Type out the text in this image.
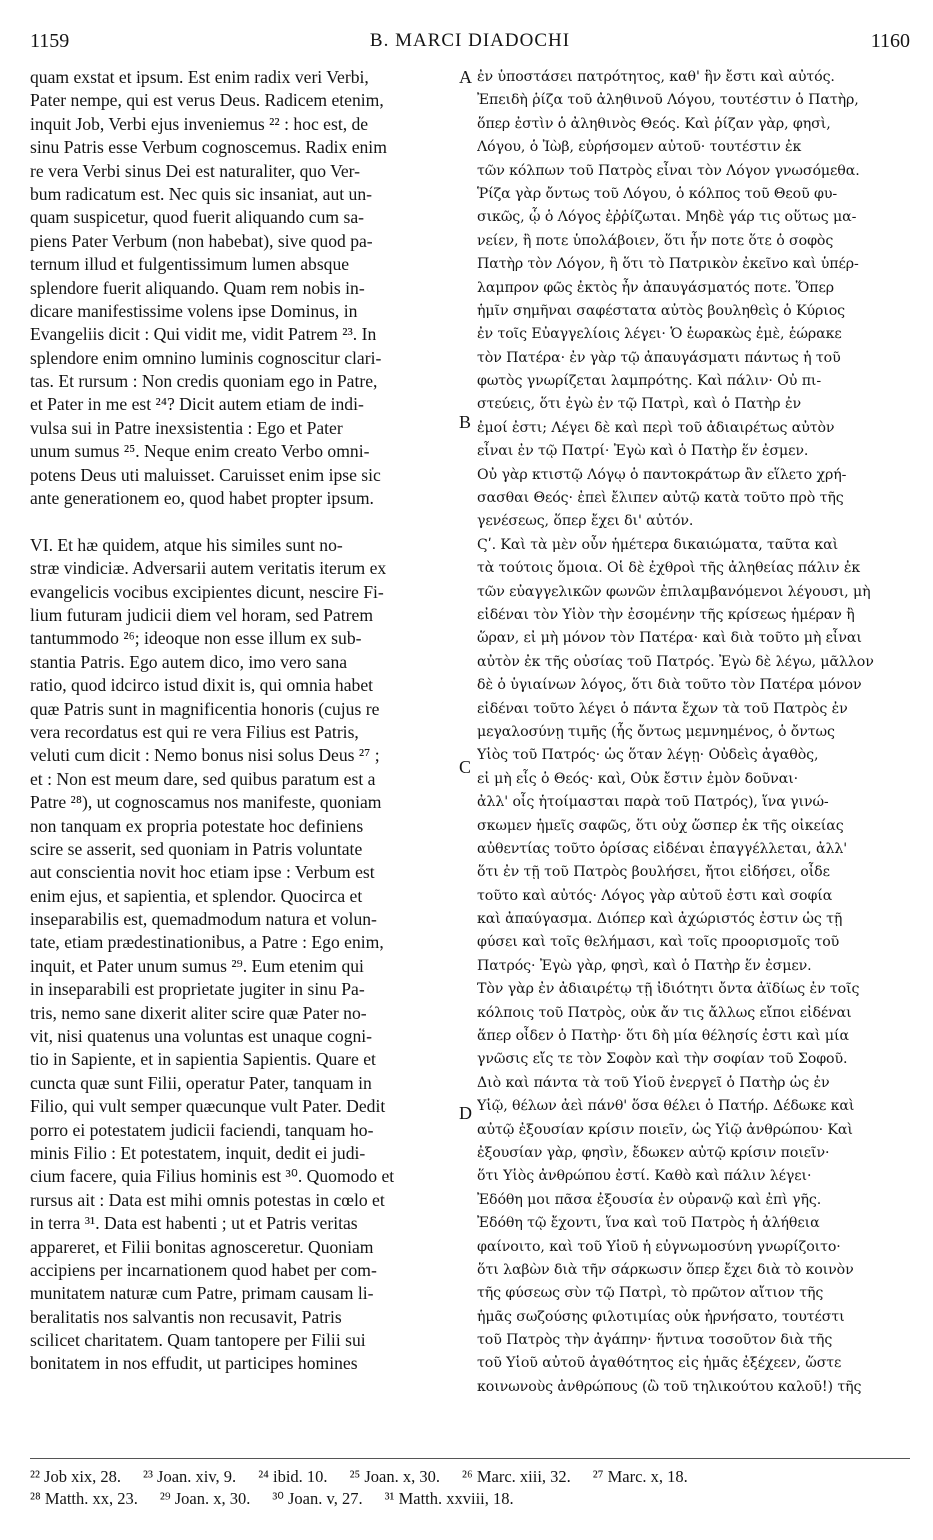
1159	B. MARCI DIADOCHI	1160
quam exstat et ipsum. Est enim radix veri Verbi,
Pater nempe, qui est verus Deus. Radicem etenim,
inquit Job, Verbi ejus inveniemus ²² : hoc est, de
sinu Patris esse Verbum cognoscemus. Radix enim
re vera Verbi sinus Dei est naturaliter, quo Ver-
bum radicatum est. Nec quis sic insaniat, aut un-
quam suspicetur, quod fuerit aliquando cum sa-
piens Pater Verbum (non habebat), sive quod pa-
ternum illud et fulgentissimum lumen absque
splendore fuerit aliquando. Quam rem nobis in-
dicare manifestissime volens ipse Dominus, in
Evangeliis dicit : Qui vidit me, vidit Patrem ²³. In
splendore enim omnino luminis cognoscitur clari-
tas. Et rursum : Non credis quoniam ego in Patre,
et Pater in me est ²⁴? Dicit autem etiam de indi-
vulsa sui in Patre inexsistentia : Ego et Pater
unum sumus ²⁵. Neque enim creato Verbo omni-
potens Deus uti maluisset. Caruisset enim ipse sic
ante generationem eo, quod habet propter ipsum.
VI. Et hæ quidem, atque his similes sunt no-
stræ vindiciæ. Adversarii autem veritatis iterum ex
evangelicis vocibus excipientes dicunt, nescire Fi-
lium futuram judicii diem vel horam, sed Patrem
tantummodo ²⁶; ideoque non esse illum ex sub-
stantia Patris. Ego autem dico, imo vero sana
ratio, quod idcirco istud dixit is, qui omnia habet
quæ Patris sunt in magnificentia honoris (cujus re
vera recordatus est qui re vera Filius est Patris,
veluti cum dicit : Nemo bonus nisi solus Deus ²⁷ ;
et : Non est meum dare, sed quibus paratum est a
Patre ²⁸), ut cognoscamus nos manifeste, quoniam
non tanquam ex propria potestate hoc definiens
scire se asserit, sed quoniam in Patris voluntate
aut conscientia novit hoc etiam ipse : Verbum est
enim ejus, et sapientia, et splendor. Quocirca et
inseparabilis est, quemadmodum natura et volun-
tate, etiam prædestinationibus, a Patre : Ego enim,
inquit, et Pater unum sumus ²⁹. Eum etenim qui
in inseparabili est proprietate jugiter in sinu Pa-
tris, nemo sane dixerit aliter scire quæ Pater no-
vit, nisi quatenus una voluntas est unaque cogni-
tio in Sapiente, et in sapientia Sapientis. Quare et
cuncta quæ sunt Filii, operatur Pater, tanquam in
Filio, qui vult semper quæcunque vult Pater. Dedit
porro ei potestatem judicii faciendi, tanquam ho-
minis Filio : Et potestatem, inquit, dedit ei judi-
cium facere, quia Filius hominis est ³⁰. Quomodo et
rursus ait : Data est mihi omnis potestas in cœlo et
in terra ³¹. Data est habenti ; ut et Patris veritas
appareret, et Filii bonitas agnosceretur. Quoniam
accipiens per incarnationem quod habet per com-
munitatem naturæ cum Patre, primam causam li-
beralitatis nos salvantis non recusavit, Patris
scilicet charitatem. Quam tantopere per Filii sui
bonitatem in nos effudit, ut participes homines
ἐν ὑποστάσει πατρότητος, καθ' ἣν ἔστι καὶ αὐτός.
Ἐπειδὴ ῥίζα τοῦ ἀληθινοῦ Λόγου, τουτέστιν ὁ Πατὴρ,
ὅπερ ἐστὶν ὁ ἀληθινὸς Θεός. Καὶ ῥίζαν γὰρ, φησὶ,
Λόγου, ὁ Ἰὼβ, εὑρήσομεν αὐτοῦ· τουτέστιν ἐκ
τῶν κόλπων τοῦ Πατρὸς εἶναι τὸν Λόγον γνωσόμεθα.
Ῥίζα γὰρ ὄντως τοῦ Λόγου, ὁ κόλπος τοῦ Θεοῦ φυ-
σικῶς, ᾧ ὁ Λόγος ἐῤῥίζωται. Μηδὲ γάρ τις οὕτως μα-
νείεν, ἢ ποτε ὑπολάβοιεν, ὅτι ἦν ποτε ὅτε ὁ σοφὸς
Πατὴρ τὸν Λόγον, ἢ ὅτι τὸ Πατρικὸν ἐκεῖνο καὶ ὑπέρ-
λαμπρον φῶς ἐκτὸς ἦν ἀπαυγάσματός ποτε. Ὅπερ
ἡμῖν σημῆναι σαφέστατα αὐτὸς βουληθεὶς ὁ Κύριος
ἐν τοῖς Εὐαγγελίοις λέγει· Ὁ ἑωρακὼς ἐμὲ, ἑώρακε
τὸν Πατέρα· ἐν γὰρ τῷ ἀπαυγάσματι πάντως ἡ τοῦ
φωτὸς γνωρίζεται λαμπρότης. Καὶ πάλιν· Οὐ πι-
στεύεις, ὅτι ἐγὼ ἐν τῷ Πατρὶ, καὶ ὁ Πατὴρ ἐν
ἐμοί ἐστι; Λέγει δὲ καὶ περὶ τοῦ ἀδιαιρέτως αὐτὸν
εἶναι ἐν τῷ Πατρί· Ἐγὼ καὶ ὁ Πατὴρ ἕν ἐσμεν.
Οὐ γὰρ κτιστῷ Λόγῳ ὁ παντοκράτωρ ἂν εἵλετο χρή-
σασθαι Θεός· ἐπεὶ ἔλιπεν αὐτῷ κατὰ τοῦτο πρὸ τῆς
γενέσεως, ὅπερ ἔχει δι' αὐτόν.
Ϛʹ. Καὶ τὰ μὲν οὖν ἡμέτερα δικαιώματα, ταῦτα καὶ
τὰ τούτοις ὅμοια. Οἱ δὲ ἐχθροὶ τῆς ἀληθείας πάλιν ἐκ
τῶν εὐαγγελικῶν φωνῶν ἐπιλαμβανόμενοι λέγουσι, μὴ
εἰδέναι τὸν Υἱὸν τὴν ἐσομένην τῆς κρίσεως ἡμέραν ἢ
ὥραν, εἰ μὴ μόνον τὸν Πατέρα· καὶ διὰ τοῦτο μὴ εἶναι
αὐτὸν ἐκ τῆς οὐσίας τοῦ Πατρός. Ἐγὼ δὲ λέγω, μᾶλλον
δὲ ὁ ὑγιαίνων λόγος, ὅτι διὰ τοῦτο τὸν Πατέρα μόνον
εἰδέναι τοῦτο λέγει ὁ πάντα ἔχων τὰ τοῦ Πατρὸς ἐν
μεγαλοσύνῃ τιμῆς (ἧς ὄντως μεμνημένος, ὁ ὄντως
Υἱὸς τοῦ Πατρός· ὡς ὅταν λέγῃ· Οὐδεὶς ἀγαθὸς,
εἰ μὴ εἷς ὁ Θεός· καὶ, Οὐκ ἔστιν ἐμὸν δοῦναι·
ἀλλ' οἷς ἡτοίμασται παρὰ τοῦ Πατρός), ἵνα γινώ-
σκωμεν ἡμεῖς σαφῶς, ὅτι οὐχ ὥσπερ ἐκ τῆς οἰκείας
αὐθεντίας τοῦτο ὁρίσας εἰδέναι ἐπαγγέλλεται, ἀλλ'
ὅτι ἐν τῇ τοῦ Πατρὸς βουλήσει, ἤτοι εἰδήσει, οἶδε
τοῦτο καὶ αὐτός· Λόγος γὰρ αὐτοῦ ἐστι καὶ σοφία
καὶ ἀπαύγασμα. Διόπερ καὶ ἀχώριστός ἐστιν ὡς τῇ
φύσει καὶ τοῖς θελήμασι, καὶ τοῖς προορισμοῖς τοῦ
Πατρός· Ἐγὼ γὰρ, φησὶ, καὶ ὁ Πατὴρ ἕν ἐσμεν.
Τὸν γὰρ ἐν ἀδιαιρέτῳ τῇ ἰδιότητι ὄντα ἀϊδίως ἐν τοῖς
κόλποις τοῦ Πατρὸς, οὐκ ἄν τις ἄλλως εἴποι εἰδέναι
ἅπερ οἶδεν ὁ Πατὴρ· ὅτι δὴ μία θέλησίς ἐστι καὶ μία
γνῶσις εἴς τε τὸν Σοφὸν καὶ τὴν σοφίαν τοῦ Σοφοῦ.
Διὸ καὶ πάντα τὰ τοῦ Υἱοῦ ἐνεργεῖ ὁ Πατὴρ ὡς ἐν
Υἱῷ, θέλων ἀεὶ πάνθ' ὅσα θέλει ὁ Πατήρ. Δέδωκε καὶ
αὐτῷ ἐξουσίαν κρίσιν ποιεῖν, ὡς Υἱῷ ἀνθρώπου· Καὶ
ἐξουσίαν γὰρ, φησὶν, ἔδωκεν αὐτῷ κρίσιν ποιεῖν·
ὅτι Υἱὸς ἀνθρώπου ἐστί. Καθὸ καὶ πάλιν λέγει·
Ἐδόθη μοι πᾶσα ἐξουσία ἐν οὐρανῷ καὶ ἐπὶ γῆς.
Ἐδόθη τῷ ἔχοντι, ἵνα καὶ τοῦ Πατρὸς ἡ ἀλήθεια
φαίνοιτο, καὶ τοῦ Υἱοῦ ἡ εὐγνωμοσύνη γνωρίζοιτο·
ὅτι λαβὼν διὰ τῆν σάρκωσιν ὅπερ ἔχει διὰ τὸ κοινὸν
τῆς φύσεως σὺν τῷ Πατρὶ, τὸ πρῶτον αἴτιον τῆς
ἡμᾶς σωζούσης φιλοτιμίας οὐκ ἠρνήσατο, τουτέστι
τοῦ Πατρὸς τὴν ἀγάπην· ἥντινα τοσοῦτον διὰ τῆς
τοῦ Υἱοῦ αὐτοῦ ἀγαθότητος εἰς ἡμᾶς ἐξέχεεν, ὥστε
κοινωνοὺς ἀνθρώπους (ὢ τοῦ τηλικούτου καλοῦ!) τῆς
A
B
C
D
²² Job xix, 28. ²³ Joan. xiv, 9. ²⁴ ibid. 10. ²⁵ Joan. x, 30. ²⁶ Marc. xiii, 32. ²⁷ Marc. x, 18.
²⁸ Matth. xx, 23. ²⁹ Joan. x, 30. ³⁰ Joan. v, 27. ³¹ Matth. xxviii, 18.
